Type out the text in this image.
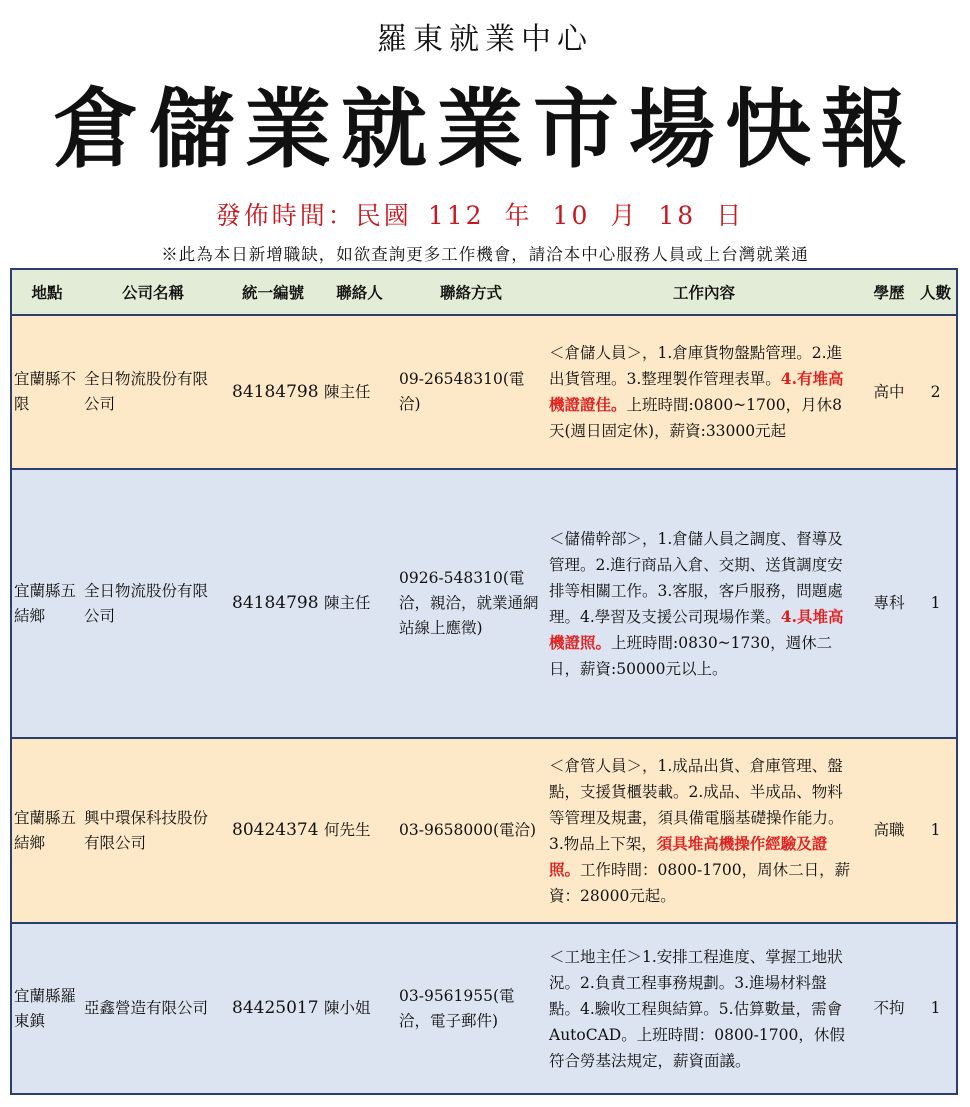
羅東就業中心
倉儲業就業市場快報
發佈時間：民國 112 年 10 月 18 日
※此為本日新增職缺，如欲查詢更多工作機會，請洽本中心服務人員或上台灣就業通
地點	公司名稱	統一編號	聯絡人	聯絡方式	工作內容	學歷	人數
宜蘭縣不限	全日物流股份有限公司	84184798	陳主任	09-26548310(電洽)	＜倉儲人員＞，1.倉庫貨物盤點管理。2.進出貨管理。3.整理製作管理表單。4.有堆高機證證佳。上班時間:0800~1700，月休8天(週日固定休)，薪資:33000元起	高中	2
宜蘭縣五結鄉	全日物流股份有限公司	84184798	陳主任	0926-548310(電洽，親洽，就業通網站線上應徵)	＜儲備幹部＞，1.倉儲人員之調度、督導及管理。2.進行商品入倉、交期、送貨調度安排等相關工作。3.客服，客戶服務，問題處理。4.學習及支援公司現場作業。4.具堆高機證照。上班時間:0830~1730，週休二日，薪資:50000元以上。	專科	1
宜蘭縣五結鄉	興中環保科技股份有限公司	80424374	何先生	03-9658000(電洽)	＜倉管人員＞，1.成品出貨、倉庫管理、盤點，支援貨櫃裝載。2.成品、半成品、物料等管理及規畫，須具備電腦基礎操作能力。3.物品上下架，須具堆高機操作經驗及證照。工作時間：0800-1700，周休二日，薪資：28000元起。	高職	1
宜蘭縣羅東鎮	亞鑫營造有限公司	84425017	陳小姐	03-9561955(電洽，電子郵件)	＜工地主任＞1.安排工程進度、掌握工地狀況。2.負責工程事務規劃。3.進場材料盤點。4.驗收工程與結算。5.估算數量，需會AutoCAD。上班時間：0800-1700，休假符合勞基法規定，薪資面議。	不拘	1
